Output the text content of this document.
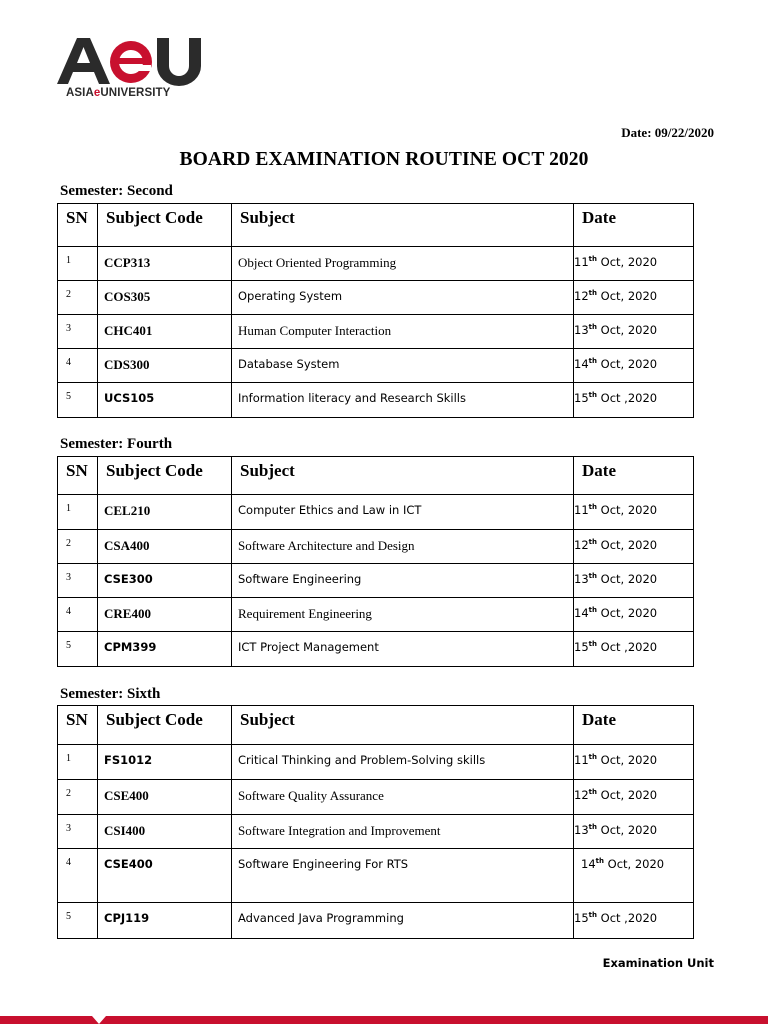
ASIAeUNIVERSITY
Date: 09/22/2020
BOARD EXAMINATION ROUTINE OCT 2020
Semester: Second
SN	Subject Code	Subject	Date
1	CCP313	Object Oriented Programming	11th Oct, 2020
2	COS305	Operating System	12th Oct, 2020
3	CHC401	Human Computer Interaction	13th Oct, 2020
4	CDS300	Database System	14th Oct, 2020
5	UCS105	Information literacy and Research Skills	15th Oct ,2020
Semester: Fourth
SN	Subject Code	Subject	Date
1	CEL210	Computer Ethics and Law in ICT	11th Oct, 2020
2	CSA400	Software Architecture and Design	12th Oct, 2020
3	CSE300	Software Engineering	13th Oct, 2020
4	CRE400	Requirement Engineering	14th Oct, 2020
5	CPM399	ICT Project Management	15th Oct ,2020
Semester: Sixth
SN	Subject Code	Subject	Date
1	FS1012	Critical Thinking and Problem-Solving skills	11th Oct, 2020
2	CSE400	Software Quality Assurance	12th Oct, 2020
3	CSI400	Software Integration and Improvement	13th Oct, 2020
4	CSE400	Software Engineering For RTS	14th Oct, 2020
5	CPJ119	Advanced Java Programming	15th Oct ,2020
Examination Unit
